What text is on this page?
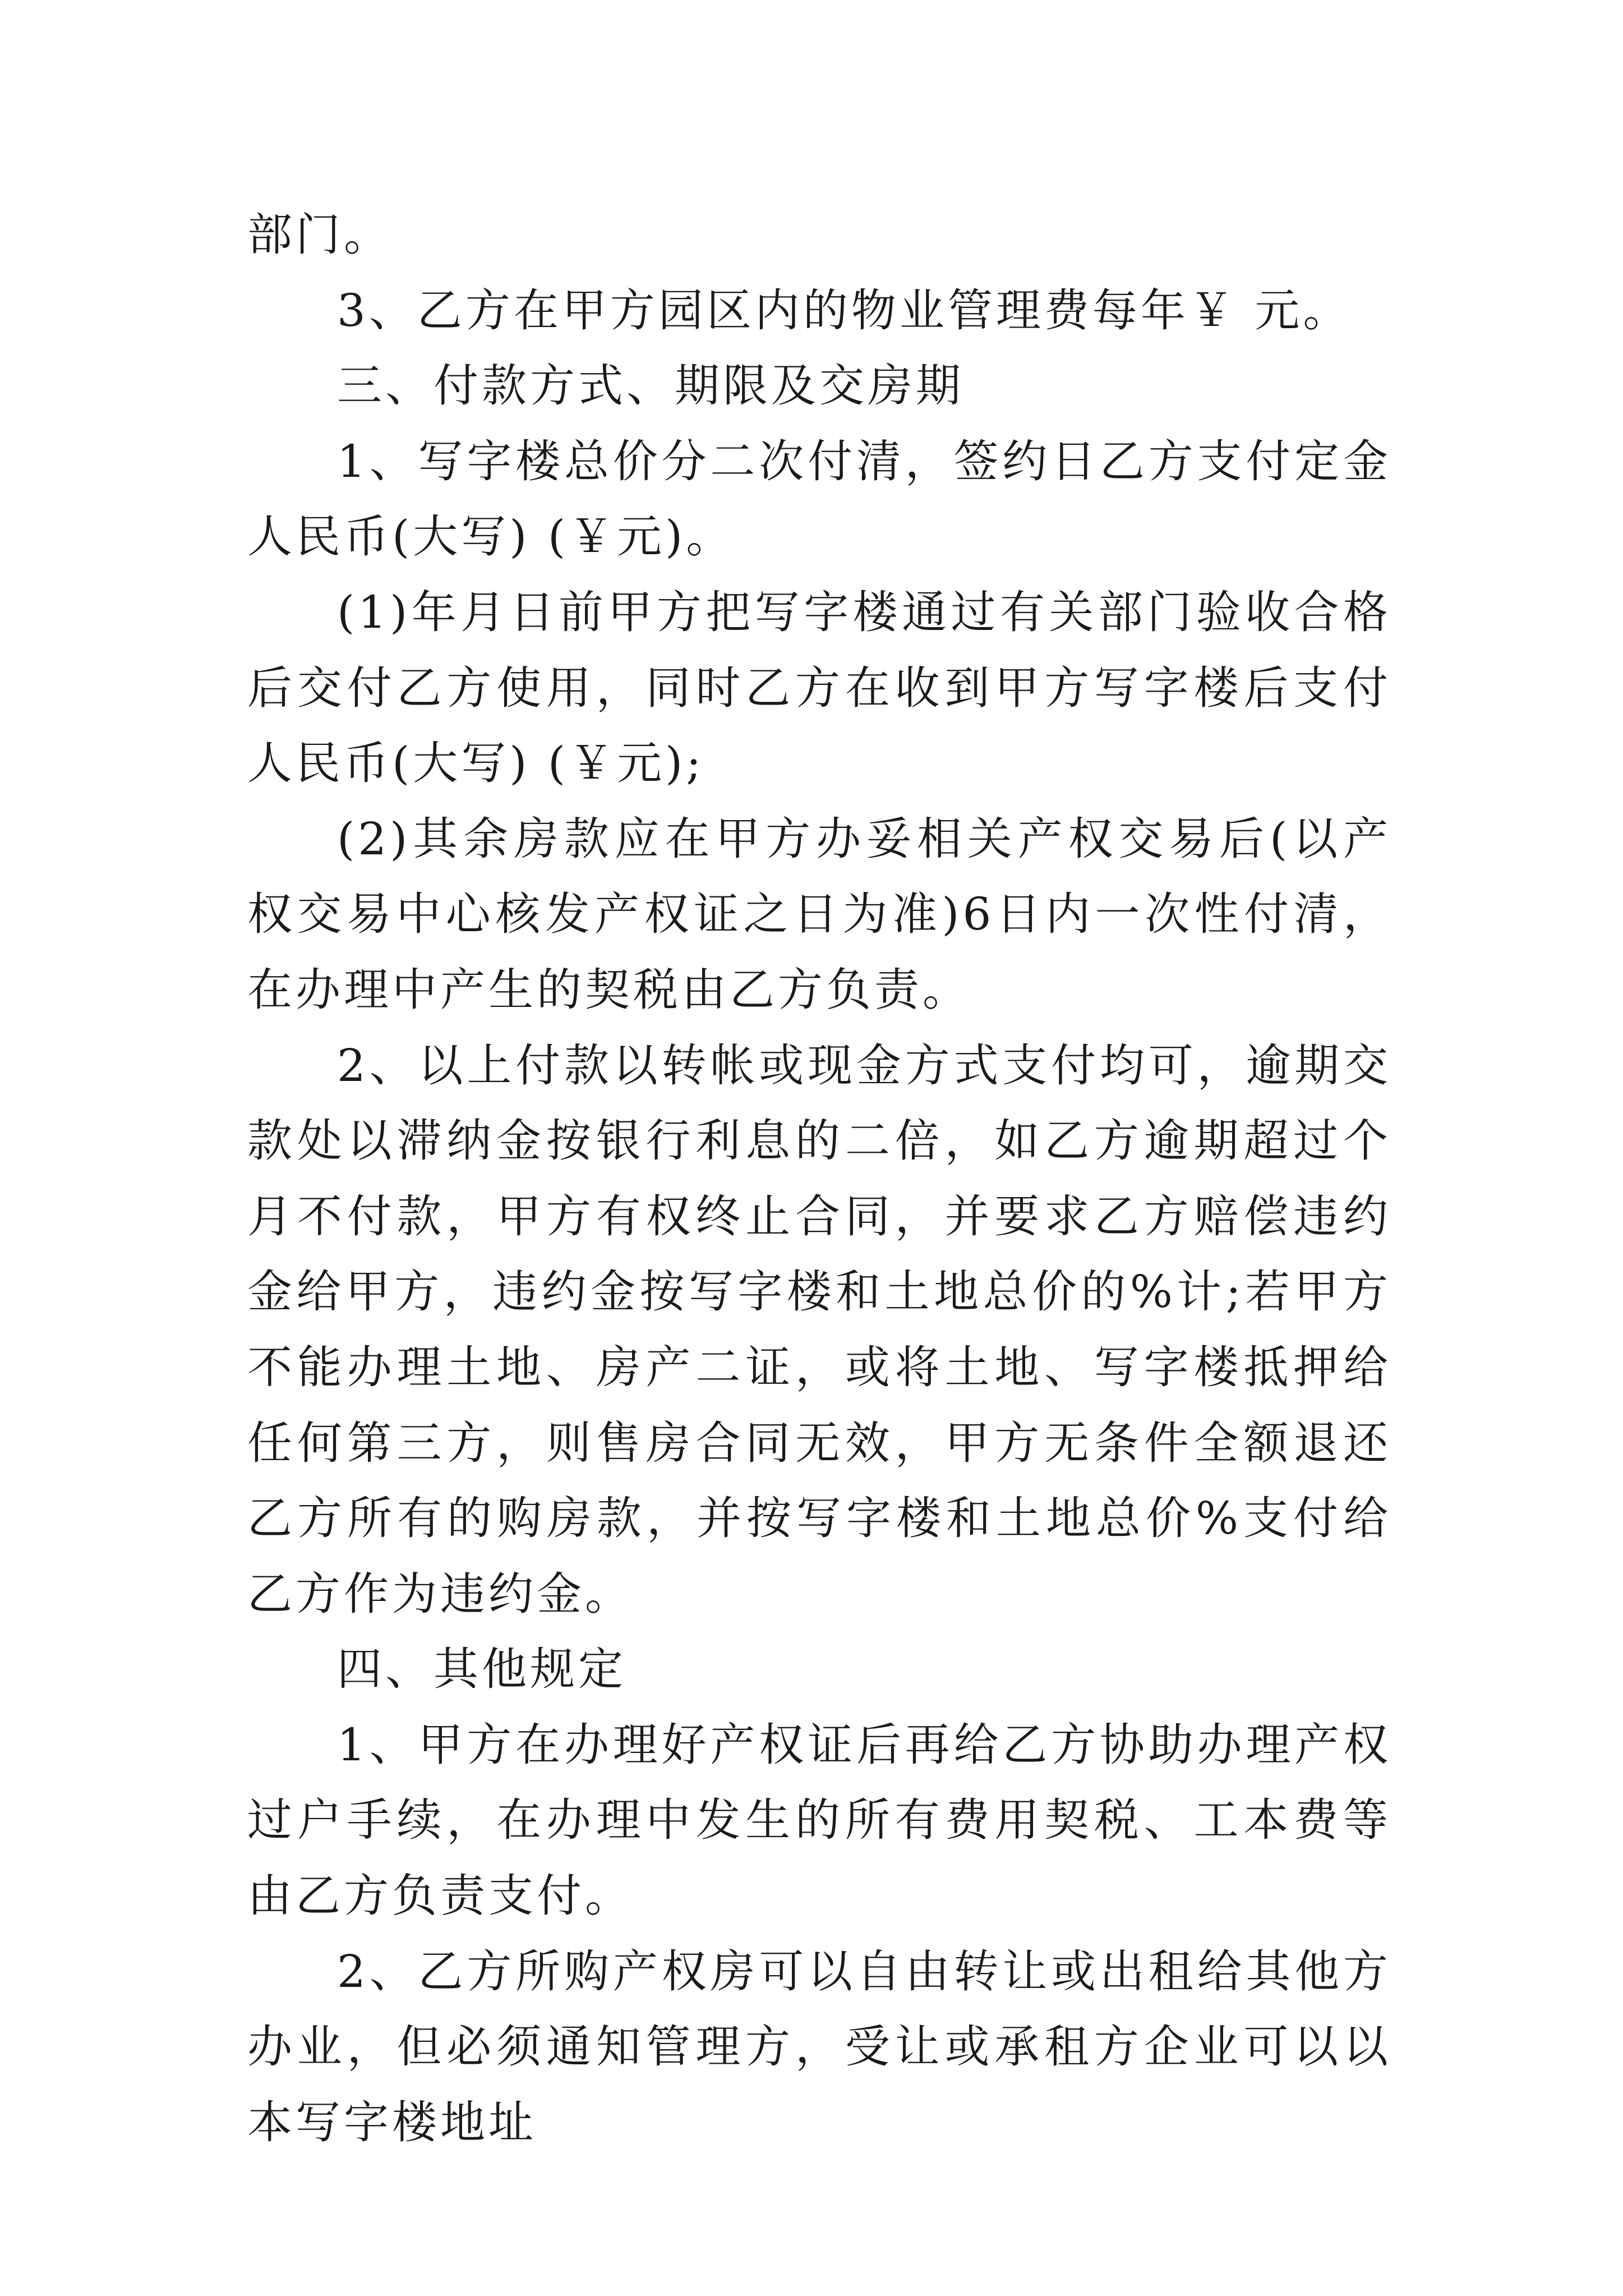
部门。

3、乙方在甲方园区内的物业管理费每年￥ 元。

三、付款方式、期限及交房期

1、写字楼总价分二次付清，签约日乙方支付定金人民币(大写) (￥元)。

(1)年月日前甲方把写字楼通过有关部门验收合格后交付乙方使用，同时乙方在收到甲方写字楼后支付人民币(大写) (￥元);

(2)其余房款应在甲方办妥相关产权交易后(以产权交易中心核发产权证之日为准)6日内一次性付清，在办理中产生的契税由乙方负责。

2、以上付款以转帐或现金方式支付均可，逾期交款处以滞纳金按银行利息的二倍，如乙方逾期超过个月不付款，甲方有权终止合同，并要求乙方赔偿违约金给甲方，违约金按写字楼和土地总价的%计;若甲方不能办理土地、房产二证，或将土地、写字楼抵押给任何第三方，则售房合同无效，甲方无条件全额退还乙方所有的购房款，并按写字楼和土地总价%支付给乙方作为违约金。

四、其他规定

1、甲方在办理好产权证后再给乙方协助办理产权过户手续，在办理中发生的所有费用契税、工本费等由乙方负责支付。

2、乙方所购产权房可以自由转让或出租给其他方办业，但必须通知管理方，受让或承租方企业可以以本写字楼地址
